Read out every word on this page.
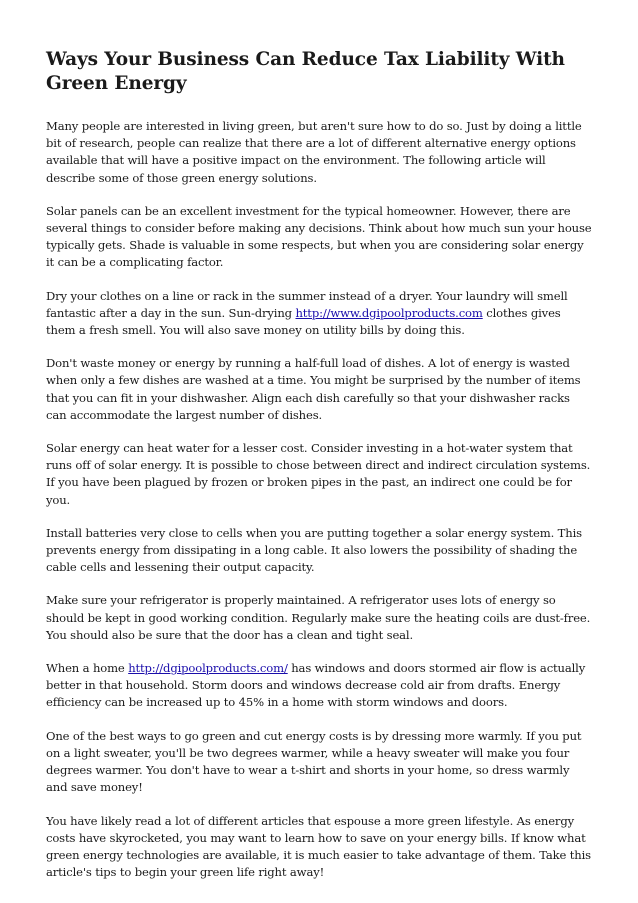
Ways Your Business Can Reduce Tax Liability With Green Energy

Many people are interested in living green, but aren't sure how to do so. Just by doing a little bit of research, people can realize that there are a lot of different alternative energy options available that will have a positive impact on the environment. The following article will describe some of those green energy solutions.

Solar panels can be an excellent investment for the typical homeowner. However, there are several things to consider before making any decisions. Think about how much sun your house typically gets. Shade is valuable in some respects, but when you are considering solar energy it can be a complicating factor.

Dry your clothes on a line or rack in the summer instead of a dryer. Your laundry will smell fantastic after a day in the sun. Sun-drying http://www.dgipoolproducts.com clothes gives them a fresh smell. You will also save money on utility bills by doing this.

Don't waste money or energy by running a half-full load of dishes. A lot of energy is wasted when only a few dishes are washed at a time. You might be surprised by the number of items that you can fit in your dishwasher. Align each dish carefully so that your dishwasher racks can accommodate the largest number of dishes.

Solar energy can heat water for a lesser cost. Consider investing in a hot-water system that runs off of solar energy. It is possible to chose between direct and indirect circulation systems. If you have been plagued by frozen or broken pipes in the past, an indirect one could be for you.

Install batteries very close to cells when you are putting together a solar energy system. This prevents energy from dissipating in a long cable. It also lowers the possibility of shading the cable cells and lessening their output capacity.

Make sure your refrigerator is properly maintained. A refrigerator uses lots of energy so should be kept in good working condition. Regularly make sure the heating coils are dust-free. You should also be sure that the door has a clean and tight seal.

When a home http://dgipoolproducts.com/ has windows and doors stormed air flow is actually better in that household. Storm doors and windows decrease cold air from drafts. Energy efficiency can be increased up to 45% in a home with storm windows and doors.

One of the best ways to go green and cut energy costs is by dressing more warmly. If you put on a light sweater, you'll be two degrees warmer, while a heavy sweater will make you four degrees warmer. You don't have to wear a t-shirt and shorts in your home, so dress warmly and save money!

You have likely read a lot of different articles that espouse a more green lifestyle. As energy costs have skyrocketed, you may want to learn how to save on your energy bills. If know what green energy technologies are available, it is much easier to take advantage of them. Take this article's tips to begin your green life right away!
